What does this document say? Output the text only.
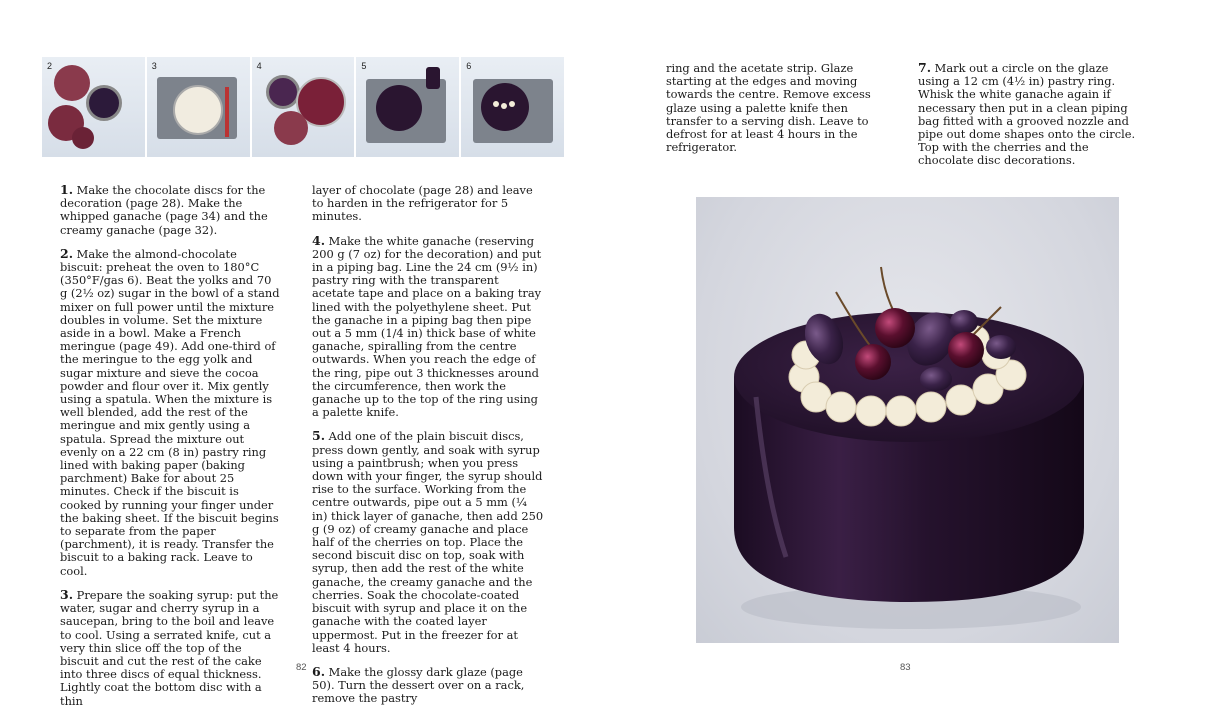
2	3	4	5	6

1. Make the chocolate discs for the decoration (page 28). Make the whipped ganache (page 34) and the creamy ganache (page 32).

2. Make the almond-chocolate biscuit: preheat the oven to 180°C (350°F/gas 6). Beat the yolks and 70 g (2½ oz) sugar in the bowl of a stand mixer on full power until the mixture doubles in volume. Set the mixture aside in a bowl. Make a French meringue (page 49). Add one-third of the meringue to the egg yolk and sugar mixture and sieve the cocoa powder and flour over it. Mix gently using a spatula. When the mixture is well blended, add the rest of the meringue and mix gently using a spatula. Spread the mixture out evenly on a 22 cm (8 in) pastry ring lined with baking paper (baking parchment) Bake for about 25 minutes. Check if the biscuit is cooked by running your finger under the baking sheet. If the biscuit begins to separate from the paper (parchment), it is ready. Transfer the biscuit to a baking rack. Leave to cool.

3. Prepare the soaking syrup: put the water, sugar and cherry syrup in a saucepan, bring to the boil and leave to cool. Using a serrated knife, cut a very thin slice off the top of the biscuit and cut the rest of the cake into three discs of equal thickness. Lightly coat the bottom disc with a thin

layer of chocolate (page 28) and leave to harden in the refrigerator for 5 minutes.

4. Make the white ganache (reserving 200 g (7 oz) for the decoration) and put in a piping bag. Line the 24 cm (9½ in) pastry ring with the transparent acetate tape and place on a baking tray lined with the polyethylene sheet. Put the ganache in a piping bag then pipe out a 5 mm (1/4 in) thick base of white ganache, spiralling from the centre outwards. When you reach the edge of the ring, pipe out 3 thicknesses around the circumference, then work the ganache up to the top of the ring using a palette knife.

5. Add one of the plain biscuit discs, press down gently, and soak with syrup using a paintbrush; when you press down with your finger, the syrup should rise to the surface. Working from the centre outwards, pipe out a 5 mm (¼ in) thick layer of ganache, then add 250 g (9 oz) of creamy ganache and place half of the cherries on top. Place the second biscuit disc on top, soak with syrup, then add the rest of the white ganache, the creamy ganache and the cherries. Soak the chocolate-coated biscuit with syrup and place it on the ganache with the coated layer uppermost. Put in the freezer for at least 4 hours.

6. Make the glossy dark glaze (page 50). Turn the dessert over on a rack, remove the pastry

82

ring and the acetate strip. Glaze starting at the edges and moving towards the centre. Remove excess glaze using a palette knife then transfer to a serving dish. Leave to defrost for at least 4 hours in the refrigerator.

7. Mark out a circle on the glaze using a 12 cm (4½ in) pastry ring. Whisk the white ganache again if necessary then put in a clean piping bag fitted with a grooved nozzle and pipe out dome shapes onto the circle. Top with the cherries and the chocolate disc decorations.

83
